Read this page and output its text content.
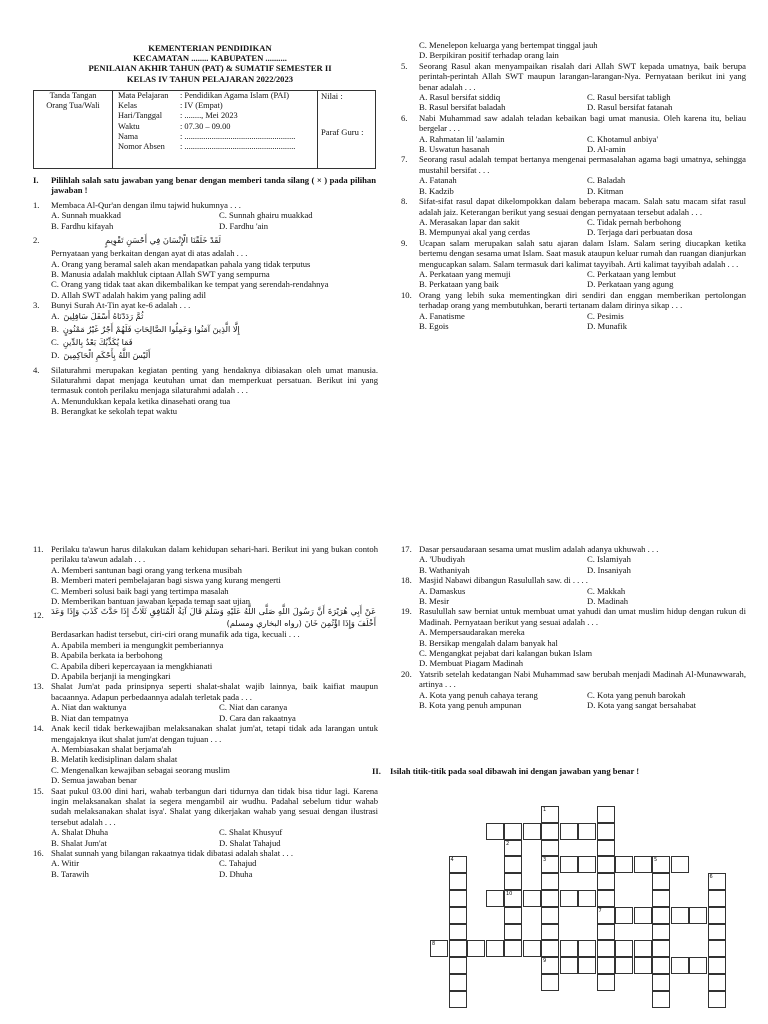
KEMENTERIAN PENDIDIKAN
KECAMATAN ........ KABUPATEN ..........
PENILAIAN AKHIR TAHUN (PAT) & SUMATIF SEMESTER II
KELAS IV TAHUN PELAJARAN 2022/2023
Tanda Tangan
Orang Tua/Wali
Mata Pelajaran	: Pendidikan Agama Islam (PAI)
Kelas	: IV (Empat)
Hari/Tanggal	: ........, Mei 2023
Waktu	: 07.30 – 09.00
Nama	: .....................................................
Nomor Absen	: .....................................................
Nilai :
Paraf Guru :
I.	Pilihlah salah satu jawaban yang benar dengan memberi tanda silang ( × ) pada pilihan jawaban !
1.	Membaca Al-Qur'an dengan ilmu tajwid hukumnya . . .
A. Sunnah muakkad	C. Sunnah ghairu muakkad
B. Fardhu kifayah	D. Fardhu 'ain
2.	لَقَدْ خَلَقْنَا الْإِنْسَانَ فِي أَحْسَنِ تَقْوِيمٍ
Pernyataan yang berkaitan dengan ayat di atas adalah . . .
A. Orang yang beramal saleh akan mendapatkan pahala yang tidak terputus
B. Manusia adalah makhluk ciptaan Allah SWT yang sempurna
C. Orang yang tidak taat akan dikembalikan ke tempat yang serendah-rendahnya
D. Allah SWT adalah hakim yang paling adil
3.	Bunyi Surah At-Tin ayat ke-6 adalah . . .
A. ثُمَّ رَدَدْنَاهُ أَسْفَلَ سَافِلِينَ
B. إِلَّا الَّذِينَ آمَنُوا وَعَمِلُوا الصَّالِحَاتِ فَلَهُمْ أَجْرٌ غَيْرُ مَمْنُونٍ
C. فَمَا يُكَذِّبُكَ بَعْدُ بِالدِّينِ
D. أَلَيْسَ اللَّهُ بِأَحْكَمِ الْحَاكِمِينَ
4.	Silaturahmi merupakan kegiatan penting yang hendaknya dibiasakan oleh umat manusia. Silaturahmi dapat menjaga keutuhan umat dan memperkuat persatuan. Berikut ini yang termasuk contoh perilaku menjaga silaturahmi adalah . . .
A. Menundukkan kepala ketika dinasehati orang tua
B. Berangkat ke sekolah tepat waktu
C. Menelepon keluarga yang bertempat tinggal jauh
D. Berpikiran positif terhadap orang lain
5.	Seorang Rasul akan menyampaikan risalah dari Allah SWT kepada umatnya, baik berupa perintah-perintah Allah SWT maupun larangan-larangan-Nya. Pernyataan berikut ini yang benar adalah . . .
A. Rasul bersifat siddiq	C. Rasul bersifat tabligh
B. Rasul bersifat baladah	D. Rasul bersifat fatanah
6.	Nabi Muhammad saw adalah teladan kebaikan bagi umat manusia. Oleh karena itu, beliau bergelar . . .
A. Rahmatan lil 'aalamin	C. Khotamul anbiya'
B. Uswatun hasanah	D. Al-amin
7.	Seorang rasul adalah tempat bertanya mengenai permasalahan agama bagi umatnya, sehingga mustahil bersifat . . .
A. Fatanah	C. Baladah
B. Kadzib	D. Kitman
8.	Sifat-sifat rasul dapat dikelompokkan dalam beberapa macam. Salah satu macam sifat rasul adalah jaiz. Keterangan berikut yang sesuai dengan pernyataan tersebut adalah . . .
A. Merasakan lapar dan sakit	C. Tidak pernah berbohong
B. Mempunyai akal yang cerdas	D. Terjaga dari perbuatan dosa
9.	Ucapan salam merupakan salah satu ajaran dalam Islam. Salam sering diucapkan ketika bertemu dengan sesama umat Islam. Saat masuk ataupun keluar rumah dan ruangan dianjurkan mengucapkan salam. Salam termasuk dari kalimat tayyibah. Arti kalimat tayyibah adalah . . .
A. Perkataan yang memuji	C. Perkataan yang lembut
B. Perkataan yang baik	D. Perkataan yang agung
10. Orang yang lebih suka mementingkan diri sendiri dan enggan memberikan pertolongan terhadap orang yang membutuhkan, berarti tertanam dalam dirinya sikap . . .
A. Fanatisme	C. Pesimis
B. Egois	D. Munafik
11. Perilaku ta'awun harus dilakukan dalam kehidupan sehari-hari. Berikut ini yang bukan contoh perilaku ta'awun adalah . . .
A. Memberi santunan bagi orang yang terkena musibah
B. Memberi materi pembelajaran bagi siswa yang kurang mengerti
C. Memberi solusi baik bagi yang tertimpa masalah
D. Memberikan bantuan jawaban kepada teman saat ujian
12. عَنْ أَبِي هُرَيْرَةَ أَنَّ رَسُولَ اللَّهِ صَلَّى اللَّهُ عَلَيْهِ وَسَلَّمَ قَالَ آيَةُ الْمُنَافِقِ ثَلَاثٌ إِذَا حَدَّثَ كَذَبَ وَإِذَا وَعَدَ أَخْلَفَ وَإِذَا اؤْتُمِنَ خَانَ (رواه البخاري ومسلم)
Berdasarkan hadist tersebut, ciri-ciri orang munafik ada tiga, kecuali . . .
A. Apabila memberi ia mengungkit pemberiannya
B. Apabila berkata ia berbohong
C. Apabila diberi kepercayaan ia mengkhianati
D. Apabila berjanji ia mengingkari
13. Shalat Jum'at pada prinsipnya seperti shalat-shalat wajib lainnya, baik kaifiat maupun bacaannya. Adapun perbedaannya adalah terletak pada . . .
A. Niat dan waktunya	C. Niat dan caranya
B. Niat dan tempatnya	D. Cara dan rakaatnya
14. Anak kecil tidak berkewajiban melaksanakan shalat jum'at, tetapi tidak ada larangan untuk mengajaknya ikut shalat jum'at dengan tujuan . . .
A. Membiasakan shalat berjama'ah
B. Melatih kedisiplinan dalam shalat
C. Mengenalkan kewajiban sebagai seorang muslim
D. Semua jawaban benar
15. Saat pukul 03.00 dini hari, wahab terbangun dari tidurnya dan tidak bisa tidur lagi. Karena ingin melaksanakan shalat ia segera mengambil air wudhu. Padahal sebelum tidur wahab sudah melaksanakan shalat isya'. Shalat yang dikerjakan wahab yang sesuai dengan ilustrasi tersebut adalah . . .
A. Shalat Dhuha	C. Shalat Khusyuf
B. Shalat Jum'at	D. Shalat Tahajud
16. Shalat sunnah yang bilangan rakaatnya tidak dibatasi adalah shalat . . .
A. Witir	C. Tahajud
B. Tarawih	D. Dhuha
17. Dasar persaudaraan sesama umat muslim adalah adanya ukhuwah . . .
A. 'Ubudiyah	C. Islamiyah
B. Wathaniyah	D. Insaniyah
18. Masjid Nabawi dibangun Rasulullah saw. di . . . .
A. Damaskus	C. Makkah
B. Mesir	D. Madinah
19. Rasulullah saw berniat untuk membuat umat yahudi dan umat muslim hidup dengan rukun di Madinah. Pernyataan berikut yang sesuai adalah . . .
A. Mempersaudarakan mereka
B. Bersikap mengalah dalam banyak hal
C. Mengangkat pejabat dari kalangan bukan Islam
D. Membuat Piagam Madinah
20. Yatsrib setelah kedatangan Nabi Muhammad saw berubah menjadi Madinah Al-Munawwarah, artinya . . .
A. Kota yang penuh cahaya terang	C. Kota yang penuh barokah
B. Kota yang penuh ampunan	D. Kota yang sangat bersahabat
II.	Isilah titik-titik pada soal dibawah ini dengan jawaban yang benar !
1
3
9
7
4	5
2
10
6
8
